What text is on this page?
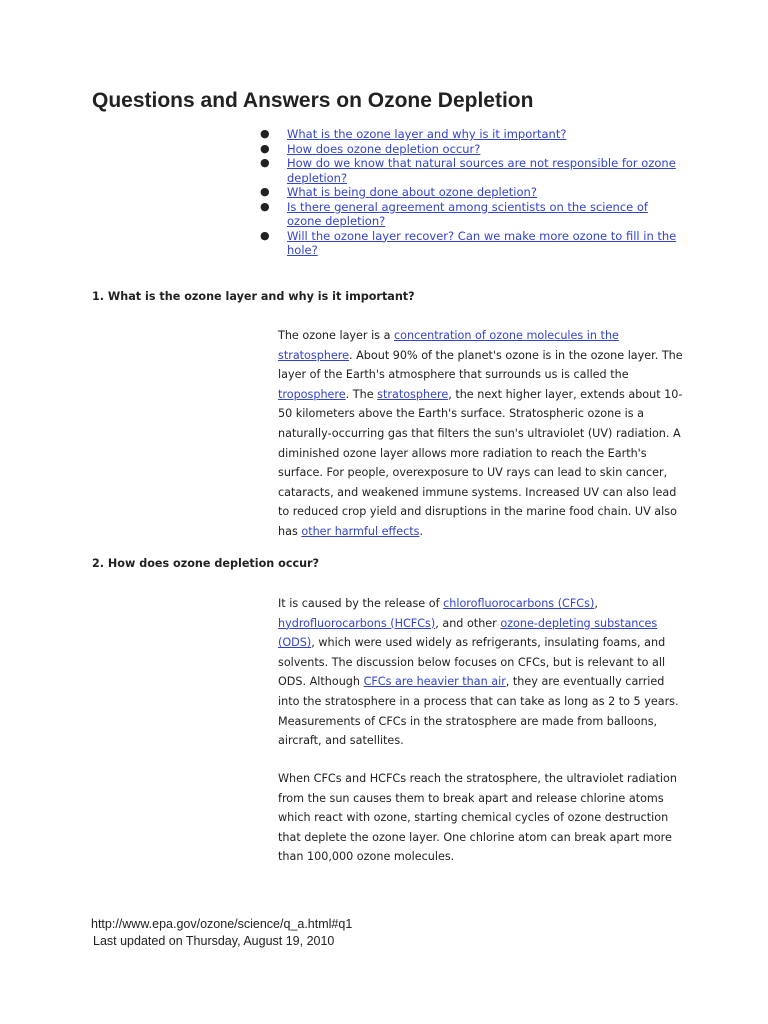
Questions and Answers on Ozone Depletion
● What is the ozone layer and why is it important?
● How does ozone depletion occur?
● How do we know that natural sources are not responsible for ozone depletion?
● What is being done about ozone depletion?
● Is there general agreement among scientists on the science of ozone depletion?
● Will the ozone layer recover? Can we make more ozone to fill in the hole?
1. What is the ozone layer and why is it important?

The ozone layer is a concentration of ozone molecules in the stratosphere. About 90% of the planet's ozone is in the ozone layer. The layer of the Earth's atmosphere that surrounds us is called the troposphere. The stratosphere, the next higher layer, extends about 10-50 kilometers above the Earth's surface. Stratospheric ozone is a naturally-occurring gas that filters the sun's ultraviolet (UV) radiation. A diminished ozone layer allows more radiation to reach the Earth's surface. For people, overexposure to UV rays can lead to skin cancer, cataracts, and weakened immune systems. Increased UV can also lead to reduced crop yield and disruptions in the marine food chain. UV also has other harmful effects.

2. How does ozone depletion occur?

It is caused by the release of chlorofluorocarbons (CFCs), hydrofluorocarbons (HCFCs), and other ozone-depleting substances (ODS), which were used widely as refrigerants, insulating foams, and solvents. The discussion below focuses on CFCs, but is relevant to all ODS. Although CFCs are heavier than air, they are eventually carried into the stratosphere in a process that can take as long as 2 to 5 years. Measurements of CFCs in the stratosphere are made from balloons, aircraft, and satellites.

When CFCs and HCFCs reach the stratosphere, the ultraviolet radiation from the sun causes them to break apart and release chlorine atoms which react with ozone, starting chemical cycles of ozone destruction that deplete the ozone layer. One chlorine atom can break apart more than 100,000 ozone molecules.

http://www.epa.gov/ozone/science/q_a.html#q1
Last updated on Thursday, August 19, 2010
